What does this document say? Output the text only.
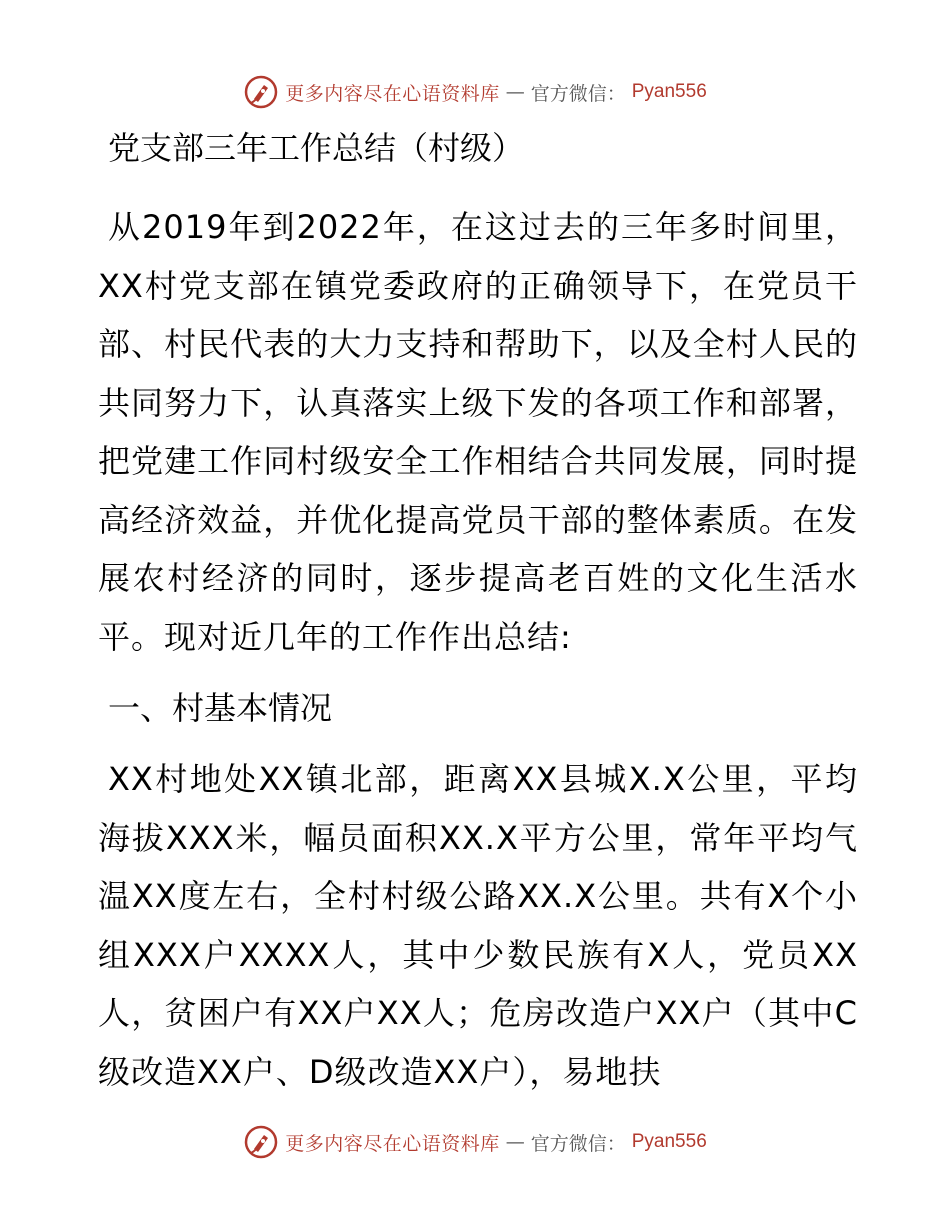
更多内容尽在心语资料库 — 官方微信： Pyan556
党支部三年工作总结（村级）

从2019年到2022年，在这过去的三年多时间里，XX村党支部在镇党委政府的正确领导下，在党员干部、村民代表的大力支持和帮助下，以及全村人民的共同努力下，认真落实上级下发的各项工作和部署，把党建工作同村级安全工作相结合共同发展，同时提高经济效益，并优化提高党员干部的整体素质。在发展农村经济的同时，逐步提高老百姓的文化生活水平。现对近几年的工作作出总结:

一、村基本情况

XX村地处XX镇北部，距离XX县城X.X公里，平均海拔XXX米，幅员面积XX.X平方公里，常年平均气温XX度左右，全村村级公路XX.X公里。共有X个小组XXX户XXXX人，其中少数民族有X人，党员XX人，贫困户有XX户XX人；危房改造户XX户（其中C级改造XX户、D级改造XX户），易地扶

更多内容尽在心语资料库 — 官方微信： Pyan556
